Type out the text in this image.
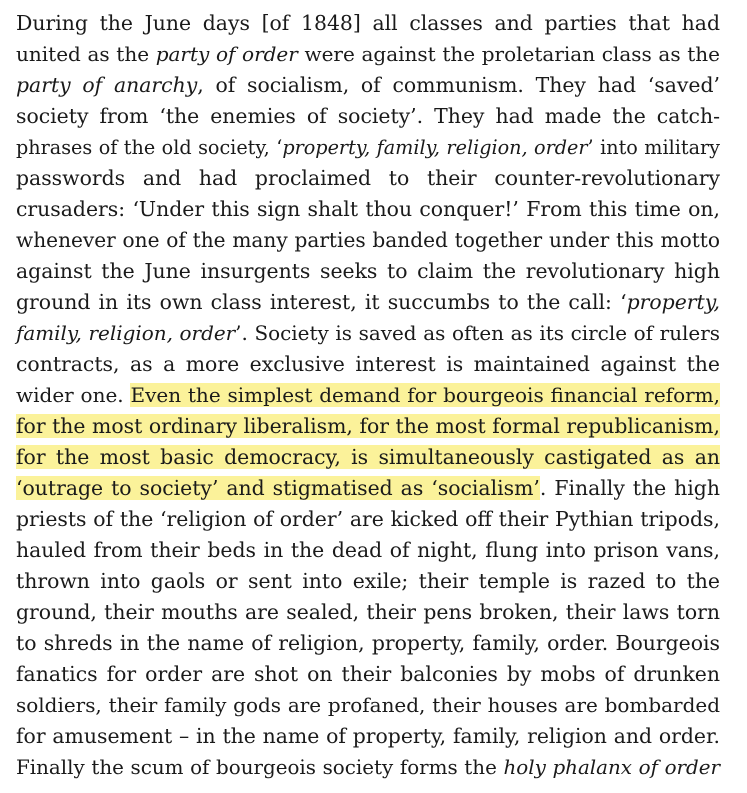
During the June days [of 1848] all classes and parties that had
united as the party of order were against the proletarian class as the
party of anarchy, of socialism, of communism. They had ‘saved’
society from ‘the enemies of society’. They had made the catch-
phrases of the old society, ‘property, family, religion, order’ into military
passwords and had proclaimed to their counter-revolutionary
crusaders: ‘Under this sign shalt thou conquer!’ From this time on,
whenever one of the many parties banded together under this motto
against the June insurgents seeks to claim the revolutionary high
ground in its own class interest, it succumbs to the call: ‘property,
family, religion, order’. Society is saved as often as its circle of rulers
contracts, as a more exclusive interest is maintained against the
wider one. Even the simplest demand for bourgeois financial reform,
for the most ordinary liberalism, for the most formal republicanism,
for the most basic democracy, is simultaneously castigated as an
‘outrage to society’ and stigmatised as ‘socialism’. Finally the high
priests of the ‘religion of order’ are kicked off their Pythian tripods,
hauled from their beds in the dead of night, flung into prison vans,
thrown into gaols or sent into exile; their temple is razed to the
ground, their mouths are sealed, their pens broken, their laws torn
to shreds in the name of religion, property, family, order. Bourgeois
fanatics for order are shot on their balconies by mobs of drunken
soldiers, their family gods are profaned, their houses are bombarded
for amusement – in the name of property, family, religion and order.
Finally the scum of bourgeois society forms the holy phalanx of order
